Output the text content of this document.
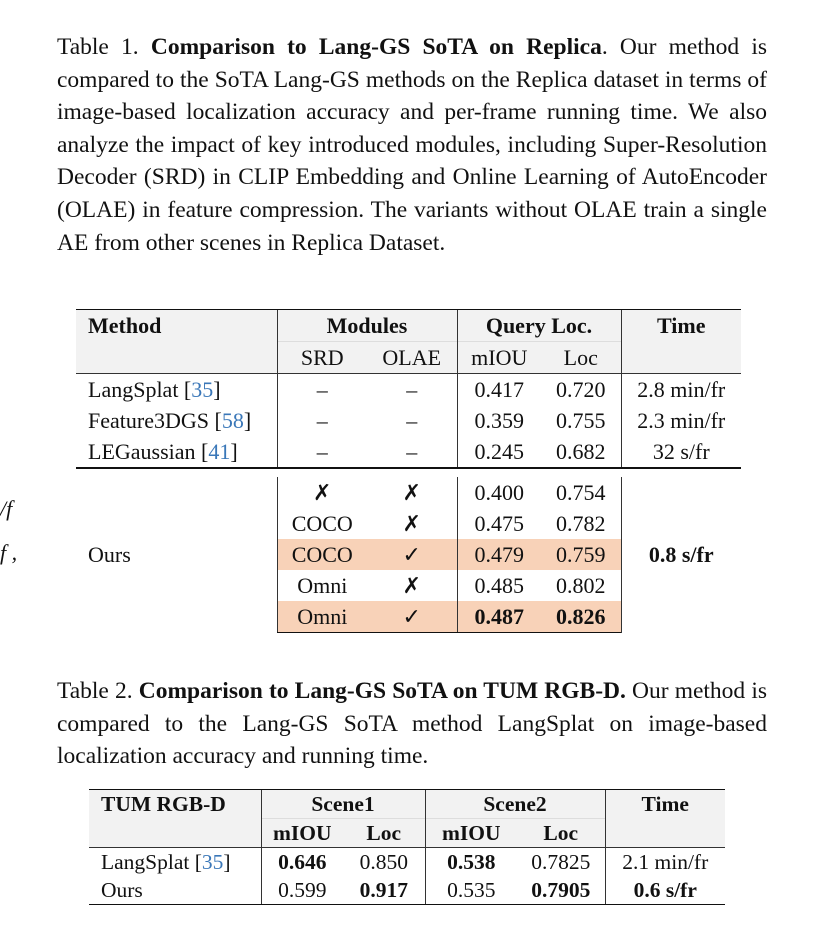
/f
f ,
Table 1. Comparison to Lang-GS SoTA on Replica. Our method is compared to the SoTA Lang-GS methods on the Replica dataset in terms of image-based localization accuracy and per-frame running time. We also analyze the impact of key introduced modules, including Super-Resolution Decoder (SRD) in CLIP Embedding and Online Learning of AutoEncoder (OLAE) in feature compression. The variants without OLAE train a single AE from other scenes in Replica Dataset.
Method	Modules		Query Loc.		Time
	SRD	OLAE	mIOU	Loc	
LangSplat [35]	–	–	0.417	0.720	2.8 min/fr
Feature3DGS [58]	–	–	0.359	0.755	2.3 min/fr
LEGaussian [41]	–	–	0.245	0.682	32 s/fr

Ours	✗	✗	0.400	0.754	0.8 s/fr
	COCO	✗	0.475	0.782	
	COCO	✓	0.479	0.759	
	Omni	✗	0.485	0.802	
	Omni	✓	0.487	0.826	
Table 2. Comparison to Lang-GS SoTA on TUM RGB-D. Our method is compared to the Lang-GS SoTA method LangSplat on image-based localization accuracy and running time.
TUM RGB-D	Scene1		Scene2		Time
	mIOU	Loc	mIOU	Loc	
LangSplat [35]	0.646	0.850	0.538	0.7825	2.1 min/fr
Ours	0.599	0.917	0.535	0.7905	0.6 s/fr
